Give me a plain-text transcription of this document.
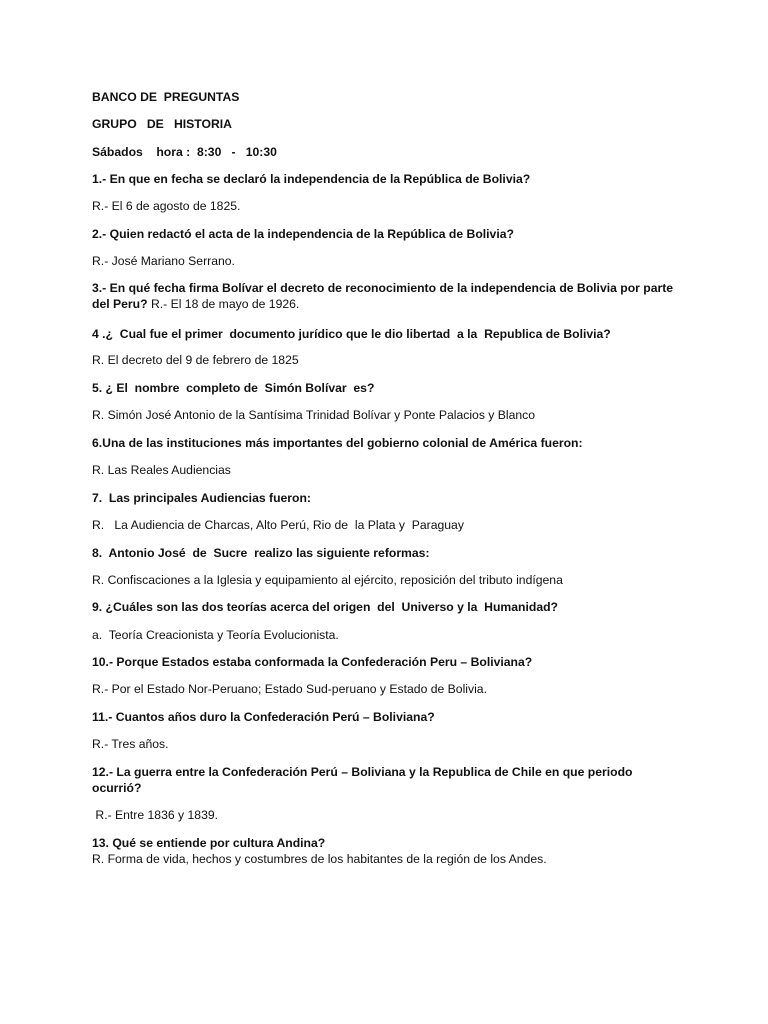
BANCO DE  PREGUNTAS
GRUPO   DE   HISTORIA
Sábados    hora :  8:30   -   10:30
1.- En que en fecha se declaró la independencia de la República de Bolivia?
R.- El 6 de agosto de 1825.
2.- Quien redactó el acta de la independencia de la República de Bolivia?
R.- José Mariano Serrano.
3.- En qué fecha firma Bolívar el decreto de reconocimiento de la independencia de Bolivia por parte del Peru? R.- El 18 de mayo de 1926.
4 .¿  Cual fue el primer  documento jurídico que le dio libertad  a la  Republica de Bolivia?
R. El decreto del 9 de febrero de 1825
5. ¿ El  nombre  completo de  Simón Bolívar  es?
R. Simón José Antonio de la Santísima Trinidad Bolívar y Ponte Palacios y Blanco
6.Una de las instituciones más importantes del gobierno colonial de América fueron:
R. Las Reales Audiencias
7.  Las principales Audiencias fueron:
R.   La Audiencia de Charcas, Alto Perú, Rio de  la Plata y  Paraguay
8.  Antonio José  de  Sucre  realizo las siguiente reformas:
R. Confiscaciones a la Iglesia y equipamiento al ejército, reposición del tributo indígena
9. ¿Cuáles son las dos teorías acerca del origen  del  Universo y la  Humanidad?
a.  Teoría Creacionista y Teoría Evolucionista.
10.- Porque Estados estaba conformada la Confederación Peru – Boliviana?
R.- Por el Estado Nor-Peruano; Estado Sud-peruano y Estado de Bolivia.
11.- Cuantos años duro la Confederación Perú – Boliviana?
R.- Tres años.
12.- La guerra entre la Confederación Perú – Boliviana y la Republica de Chile en que periodo ocurrió?
R.- Entre 1836 y 1839.
13. Qué se entiende por cultura Andina?
R. Forma de vida, hechos y costumbres de los habitantes de la región de los Andes.
